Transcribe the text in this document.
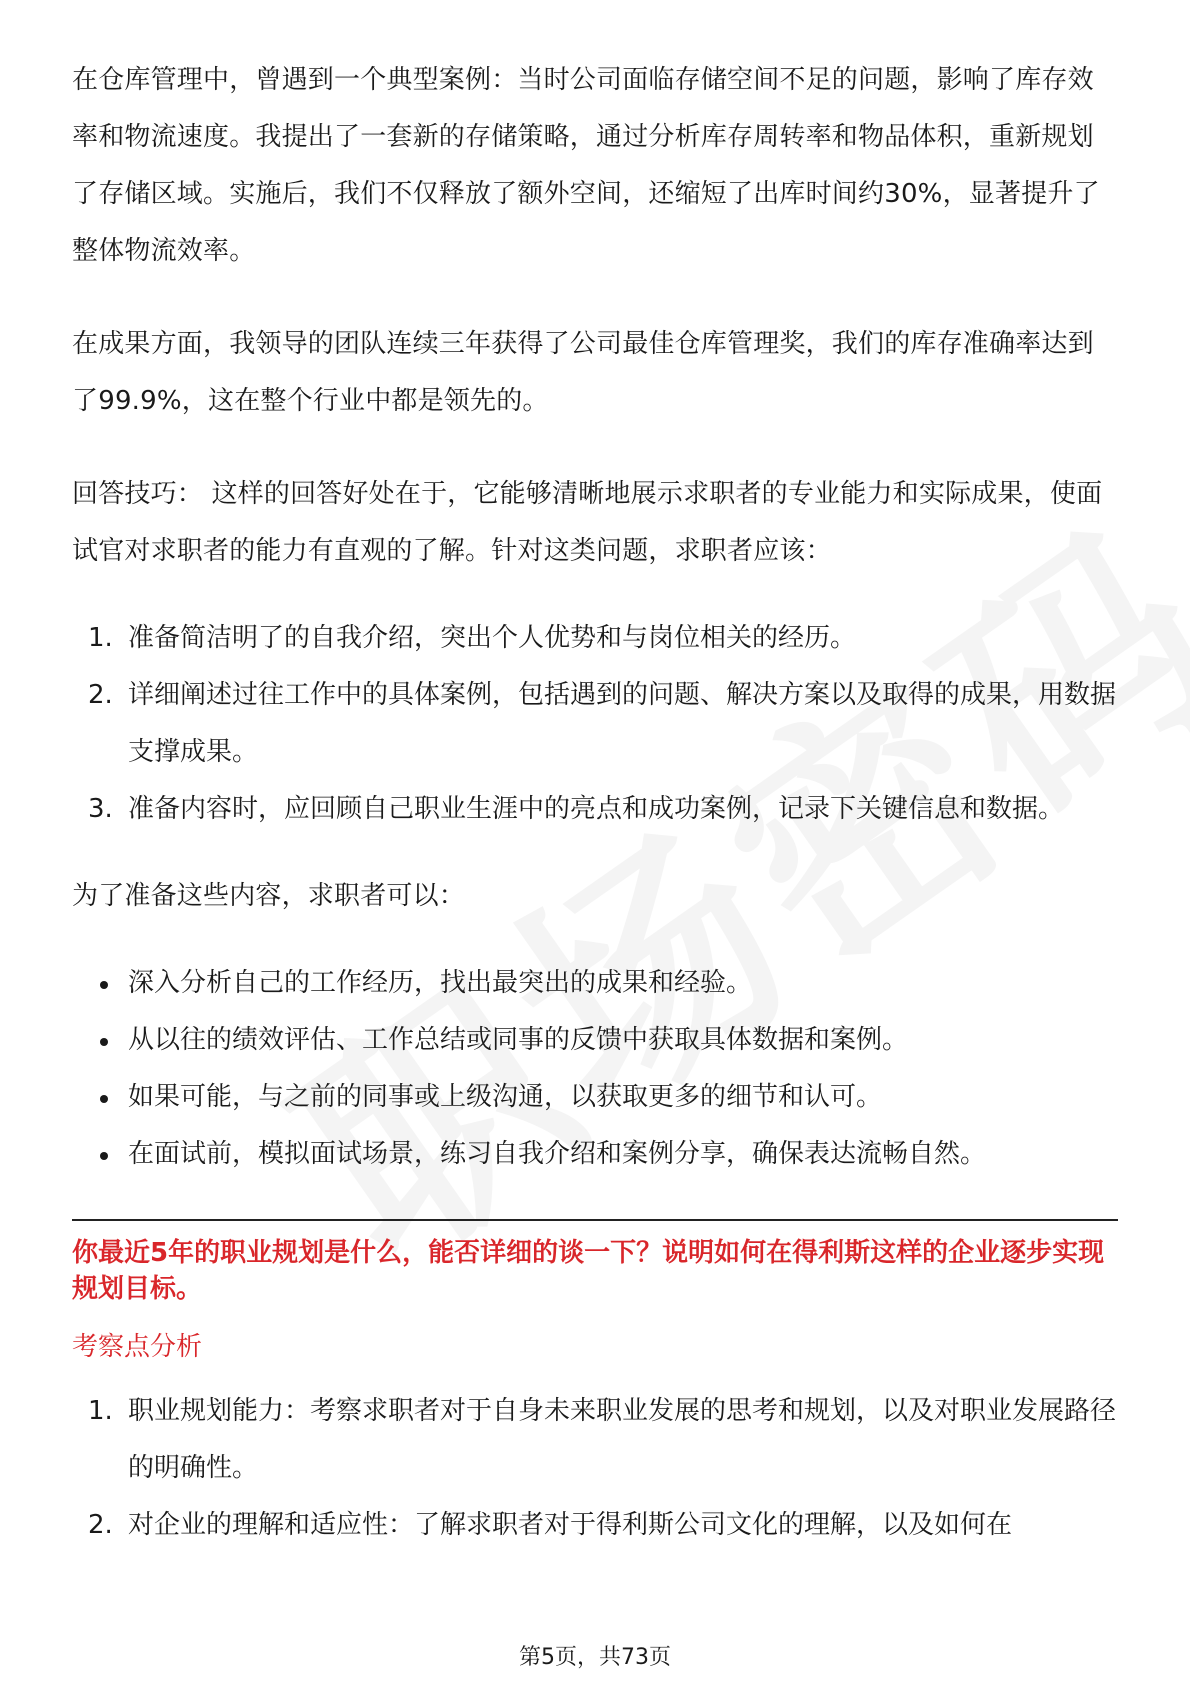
在仓库管理中，曾遇到一个典型案例：当时公司面临存储空间不足的问题，影响了库存效率和物流速度。我提出了一套新的存储策略，通过分析库存周转率和物品体积，重新规划了存储区域。实施后，我们不仅释放了额外空间，还缩短了出库时间约30%，显著提升了整体物流效率。

在成果方面，我领导的团队连续三年获得了公司最佳仓库管理奖，我们的库存准确率达到了99.9%，这在整个行业中都是领先的。

回答技巧： 这样的回答好处在于，它能够清晰地展示求职者的专业能力和实际成果，使面试官对求职者的能力有直观的了解。针对这类问题，求职者应该：

1. 准备简洁明了的自我介绍，突出个人优势和与岗位相关的经历。
2. 详细阐述过往工作中的具体案例，包括遇到的问题、解决方案以及取得的成果，用数据支撑成果。
3. 准备内容时，应回顾自己职业生涯中的亮点和成功案例，记录下关键信息和数据。

为了准备这些内容，求职者可以：

深入分析自己的工作经历，找出最突出的成果和经验。
从以往的绩效评估、工作总结或同事的反馈中获取具体数据和案例。
如果可能，与之前的同事或上级沟通，以获取更多的细节和认可。
在面试前，模拟面试场景，练习自我介绍和案例分享，确保表达流畅自然。

你最近5年的职业规划是什么，能否详细的谈一下？说明如何在得利斯这样的企业逐步实现规划目标。

考察点分析

1. 职业规划能力：考察求职者对于自身未来职业发展的思考和规划，以及对职业发展路径的明确性。
2. 对企业的理解和适应性：了解求职者对于得利斯公司文化的理解，以及如何在
第5页，共73页
